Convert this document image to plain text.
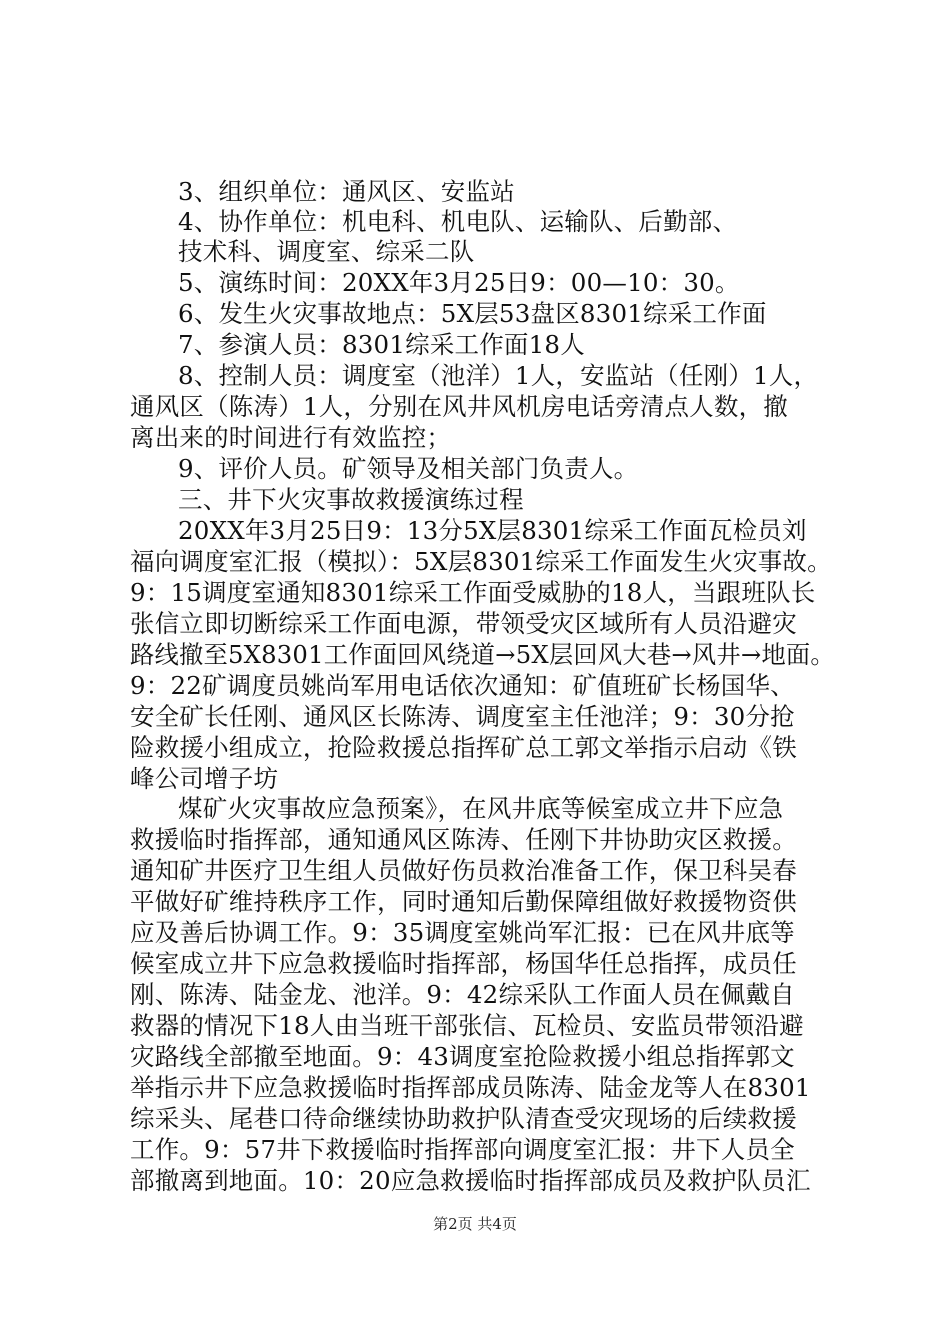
3、组织单位：通风区、安监站
4、协作单位：机电科、机电队、运输队、后勤部、
技术科、调度室、综采二队
5、演练时间：20XX年3月25日9：00—10：30。
6、发生火灾事故地点：5X层53盘区8301综采工作面
7、参演人员：8301综采工作面18人
8、控制人员：调度室（池洋）1人，安监站（任刚）1人，
通风区（陈涛）1人，分别在风井风机房电话旁清点人数，撤
离出来的时间进行有效监控；
9、评价人员。矿领导及相关部门负责人。
三、井下火灾事故救援演练过程
20XX年3月25日9：13分5X层8301综采工作面瓦检员刘
福向调度室汇报（模拟）：5X层8301综采工作面发生火灾事故。
9：15调度室通知8301综采工作面受威胁的18人，当跟班队长
张信立即切断综采工作面电源，带领受灾区域所有人员沿避灾
路线撤至5X8301工作面回风绕道→5X层回风大巷→风井→地面。
9：22矿调度员姚尚军用电话依次通知：矿值班矿长杨国华、
安全矿长任刚、通风区长陈涛、调度室主任池洋；9：30分抢
险救援小组成立，抢险救援总指挥矿总工郭文举指示启动《铁
峰公司增子坊
煤矿火灾事故应急预案》，在风井底等候室成立井下应急
救援临时指挥部，通知通风区陈涛、任刚下井协助灾区救援。
通知矿井医疗卫生组人员做好伤员救治准备工作，保卫科吴春
平做好矿维持秩序工作，同时通知后勤保障组做好救援物资供
应及善后协调工作。9：35调度室姚尚军汇报：已在风井底等
候室成立井下应急救援临时指挥部，杨国华任总指挥，成员任
刚、陈涛、陆金龙、池洋。9：42综采队工作面人员在佩戴自
救器的情况下18人由当班干部张信、瓦检员、安监员带领沿避
灾路线全部撤至地面。9：43调度室抢险救援小组总指挥郭文
举指示井下应急救援临时指挥部成员陈涛、陆金龙等人在8301
综采头、尾巷口待命继续协助救护队清查受灾现场的后续救援
工作。9：57井下救援临时指挥部向调度室汇报：井下人员全
部撤离到地面。10：20应急救援临时指挥部成员及救护队员汇
第2页 共4页
